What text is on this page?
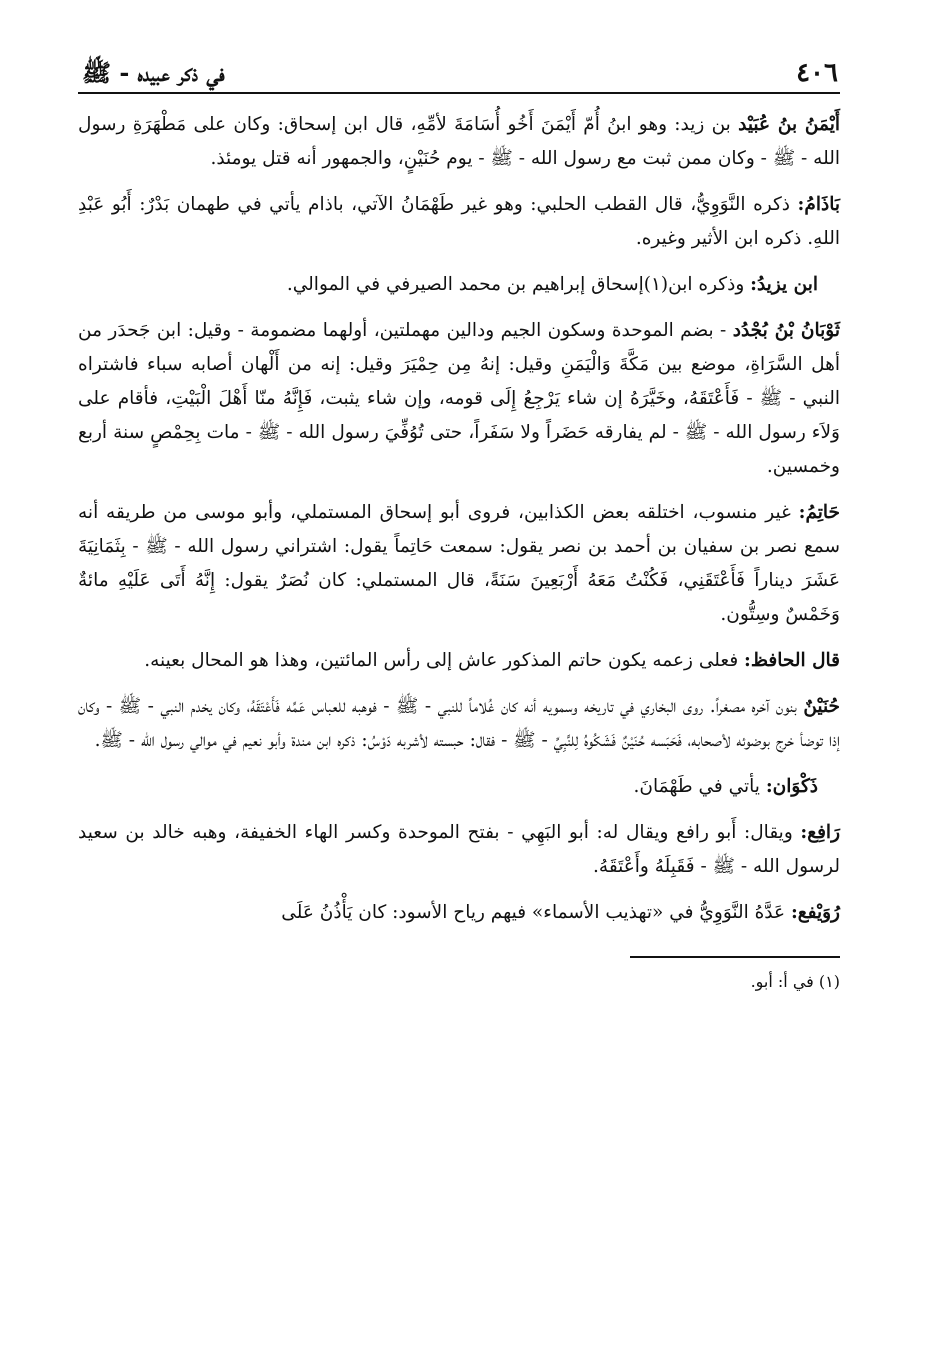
٤٠٦
في ذكر عبيده - ﷺ

أَيْمَنُ بنُ عُبَيْد بن زيد: وهو ابنُ أُمّ أَيْمَنَ أَخُو أُسَامَةَ لأمِّهِ، قال ابن إسحاق: وكان على مَطْهَرَةِ رسول الله - ﷺ - وكان ممن ثبت مع رسول الله - ﷺ - يوم حُنَيْنٍ، والجمهور أنه قتل يومئذ.

بَاذَامُ: ذكره النَّوَوِيُّ، قال القطب الحلبي: وهو غير طَهْمَانُ الآتي، باذام يأتي في طهمان بَدْرٌ: أَبُو عَبْدِ اللهِ. ذكره ابن الأثير وغيره.

ابن يزيدُ: وذكره ابن(١)إسحاق إبراهيم بن محمد الصيرفي في الموالي.

ثَوْبَانُ بْنُ بُجْدُد - بضم الموحدة وسكون الجيم ودالين مهملتين، أولهما مضمومة - وقيل: ابن جَحدَر من أهل السَّرَاةِ، موضع بين مَكَّةَ وَالْيَمَنِ وقيل: إنهُ مِن حِمْيَرَ وقيل: إنه من أَلْهان أصابه سباء فاشتراه النبي - ﷺ - فَأَعْتَقَهُ، وخَيَّرَهُ إن شاء يَرْجِعُ إِلَى قومه، وإن شاء يثبت، فَإِنَّهُ منّا أَهْلَ الْبَيْتِ، فأقام على وَلاَء رسول الله - ﷺ - لم يفارقه حَضَراً ولا سَفَراً، حتى تُوُفِّيَ رسول الله - ﷺ - مات بِحِمْصٍ سنة أربع وخمسين.

حَاتِمُ: غير منسوب، اختلقه بعض الكذابين، فروى أبو إسحاق المستملي، وأبو موسى من طريقه أنه سمع نصر بن سفيان بن أحمد بن نصر يقول: سمعت حَاتِماً يقول: اشتراني رسول الله - ﷺ - بِثَمَانِيَةَ عَشَرَ ديناراً فَأَعْتَقَنِي، فَكُنْتُ مَعَهُ أَرْبَعِينَ سَنَةً، قال المستملي: كان نُصَرٌ يقول: إِنَّهُ أَتَى عَلَيْهِ مائةٌ وَخَمْسٌ وسِتُّون.

قال الحافظ: فعلى زعمه يكون حاتم المذكور عاش إلى رأس المائتين، وهذا هو المحال بعينه.

حُنَيْنٌ بنون آخره مصغراً. روى البخاري في تاريخه وسمويه أنه كان غُلاماً للنبي - ﷺ - فوهبه للعباس عَمِّه فَأَعْتَقَهُ، وكان يخدم النبي - ﷺ - وكان إذا توضأ خرج بوضوئه لأصحابه، فَحَبَسه حُنَيْنٌ فَشَكُوهُ لِلنَّبِيِّ - ﷺ - فقال: حبسته لأشربه دَوْسُ: ذكره ابن مندة وأبو نعيم في موالي رسول الله - ﷺ.

ذَكْوَان: يأتي في طَهْمَانَ.

رَافِع: ويقال: أَبو رافع ويقال له: أبو البَهِي - بفتح الموحدة وكسر الهاء الخفيفة، وهبه خالد بن سعيد لرسول الله - ﷺ - فَقَبِلَهُ وأَعْتَقَهُ.

رُوَيْفع: عَدَّهُ النَّوَوِيُّ في «تهذيب الأسماء» فيهم رياح الأسود: كان يَأْذُنُ عَلَى

(١) في أ: أبو.
